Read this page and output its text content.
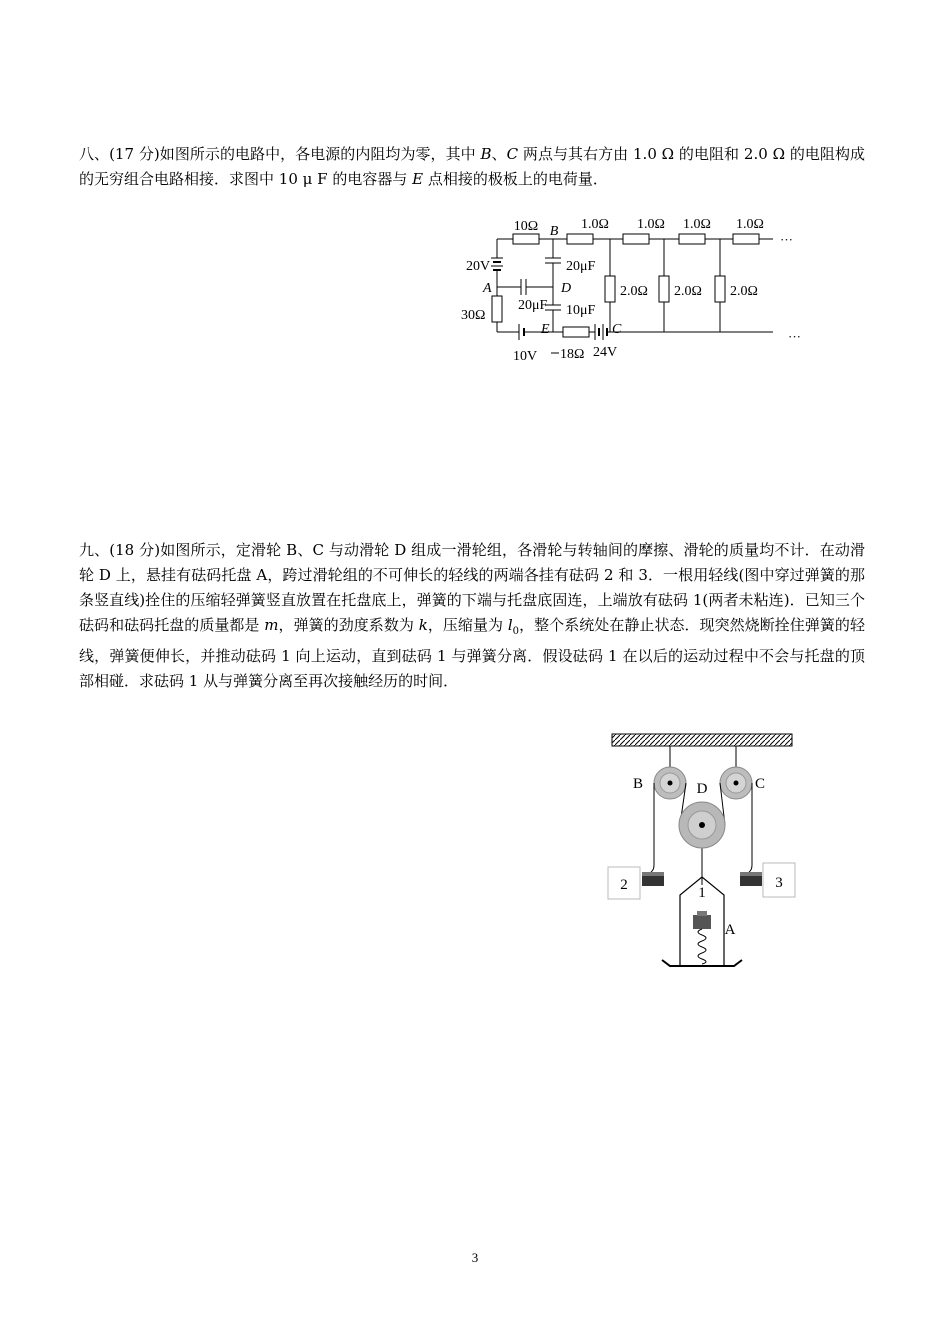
八、(17 分)如图所示的电路中，各电源的内阻均为零，其中 B、C 两点与其右方由 1.0 Ω 的电阻和 2.0 Ω 的电阻构成的无穷组合电路相接．求图中 10 μ F 的电容器与 E 点相接的极板上的电荷量．

10Ω B 1.0Ω 1.0Ω 1.0Ω 1.0Ω
···
20V	20μF
A	D	2.0Ω 2.0Ω 2.0Ω
20μF 10μF
30Ω
E	C	···
10V 18Ω 24V

九、(18 分)如图所示，定滑轮 B、C 与动滑轮 D 组成一滑轮组，各滑轮与转轴间的摩擦、滑轮的质量均不计．在动滑轮 D 上，悬挂有砝码托盘 A，跨过滑轮组的不可伸长的轻线的两端各挂有砝码 2 和 3．一根用轻线(图中穿过弹簧的那条竖直线)拴住的压缩轻弹簧竖直放置在托盘底上，弹簧的下端与托盘底固连，上端放有砝码 1(两者未粘连)．已知三个砝码和砝码托盘的质量都是 m，弹簧的劲度系数为 k，压缩量为 $l_0$，整个系统处在静止状态．现突然烧断拴住弹簧的轻线，弹簧便伸长，并推动砝码 1 向上运动，直到砝码 1 与弹簧分离．假设砝码 1 在以后的运动过程中不会与托盘的顶部相碰．求砝码 1 从与弹簧分离至再次接触经历的时间．

B	D	C
2	3
1
A
3
